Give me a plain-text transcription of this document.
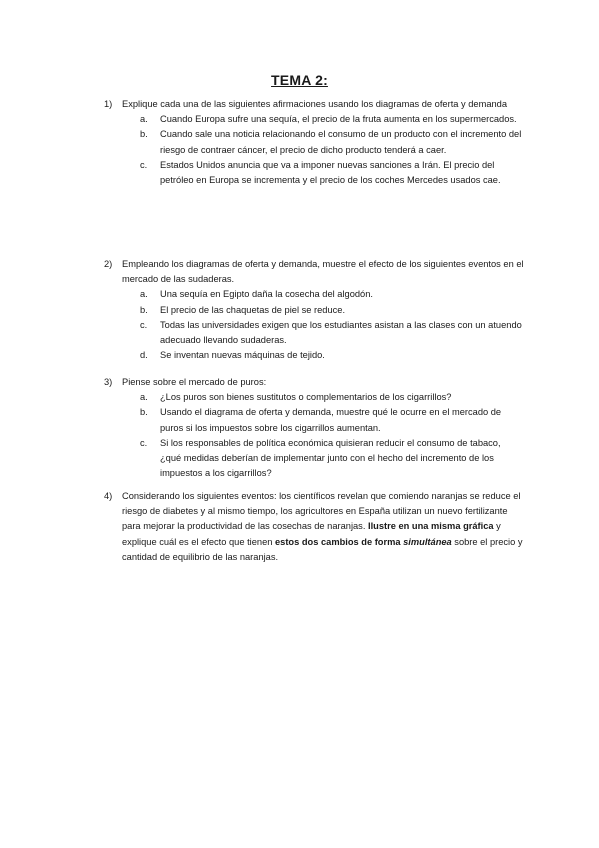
TEMA 2:
1) Explique cada una de las siguientes afirmaciones usando los diagramas de oferta y demanda
a. Cuando Europa sufre una sequía, el precio de la fruta aumenta en los supermercados.
b. Cuando sale una noticia relacionando el consumo de un producto con el incremento del riesgo de contraer cáncer, el precio de dicho producto tenderá a caer.
c. Estados Unidos anuncia que va a imponer nuevas sanciones a Irán. El precio del petróleo en Europa se incrementa y el precio de los coches Mercedes usados cae.
2) Empleando los diagramas de oferta y demanda, muestre el efecto de los siguientes eventos en el mercado de las sudaderas.
a. Una sequía en Egipto daña la cosecha del algodón.
b. El precio de las chaquetas de piel se reduce.
c. Todas las universidades exigen que los estudiantes asistan a las clases con un atuendo adecuado llevando sudaderas.
d. Se inventan nuevas máquinas de tejido.
3) Piense sobre el mercado de puros:
a. ¿Los puros son bienes sustitutos o complementarios de los cigarrillos?
b. Usando el diagrama de oferta y demanda, muestre qué le ocurre en el mercado de puros si los impuestos sobre los cigarrillos aumentan.
c. Si los responsables de política económica quisieran reducir el consumo de tabaco, ¿qué medidas deberían de implementar junto con el hecho del incremento de los impuestos a los cigarrillos?
4) Considerando los siguientes eventos: los científicos revelan que comiendo naranjas se reduce el riesgo de diabetes y al mismo tiempo, los agricultores en España utilizan un nuevo fertilizante para mejorar la productividad de las cosechas de naranjas. Ilustre en una misma gráfica y explique cuál es el efecto que tienen estos dos cambios de forma simultánea sobre el precio y cantidad de equilibrio de las naranjas.
